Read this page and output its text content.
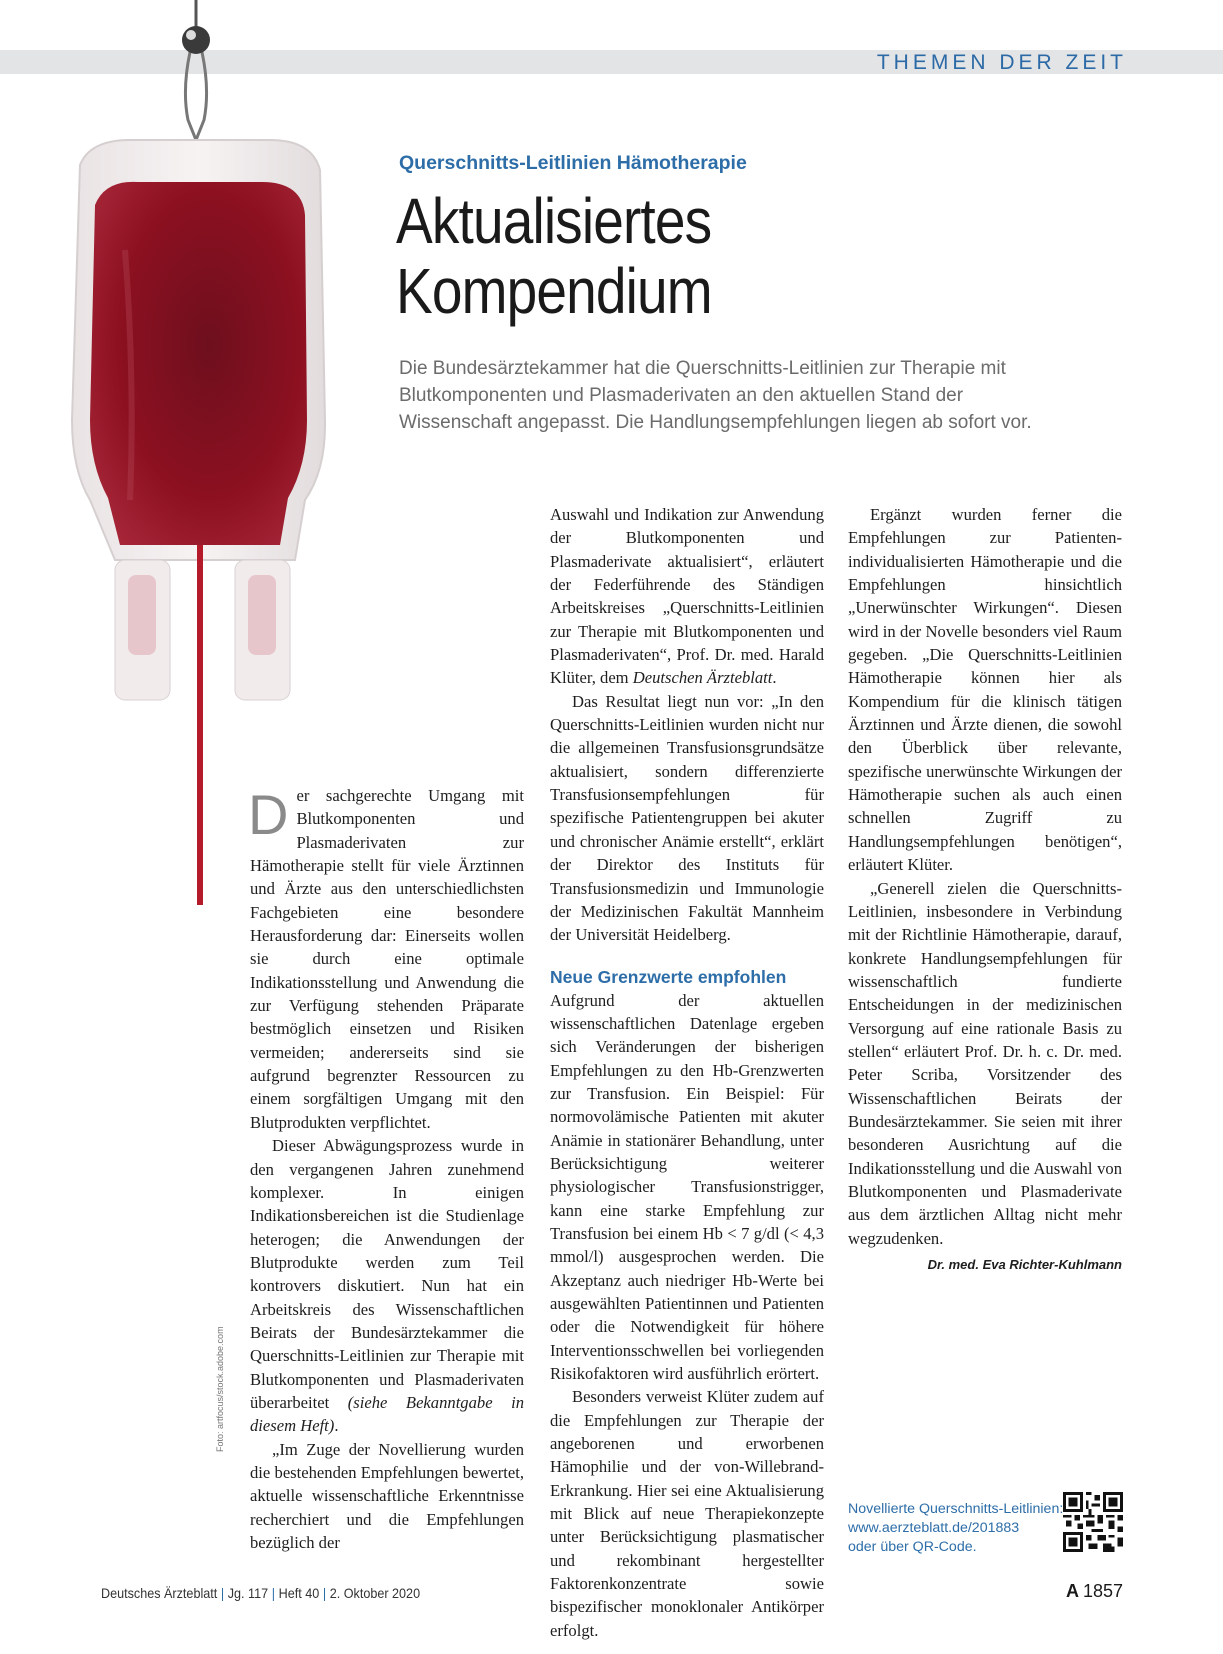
THEMEN DER ZEIT
Querschnitts-Leitlinien Hämotherapie
Aktualisiertes
Kompendium

Die Bundesärztekammer hat die Querschnitts-Leitlinien zur Therapie mit Blutkomponenten und Plasmaderivaten an den aktuellen Stand der Wissenschaft angepasst. Die Handlungsempfehlungen liegen ab sofort vor.

Der sachgerechte Umgang mit Blutkomponenten und Plasmaderivaten zur Hämotherapie stellt für viele Ärztinnen und Ärzte aus den unterschiedlichsten Fachgebieten eine besondere Herausforderung dar: Einerseits wollen sie durch eine optimale Indikationsstellung und Anwendung die zur Verfügung stehenden Präparate bestmöglich einsetzen und Risiken vermeiden; andererseits sind sie aufgrund begrenzter Ressourcen zu einem sorgfältigen Umgang mit den Blutprodukten verpflichtet.

Dieser Abwägungsprozess wurde in den vergangenen Jahren zunehmend komplexer. In einigen Indikationsbereichen ist die Studienlage heterogen; die Anwendungen der Blutprodukte werden zum Teil kontrovers diskutiert. Nun hat ein Arbeitskreis des Wissenschaftlichen Beirats der Bundesärztekammer die Querschnitts-Leitlinien zur Therapie mit Blutkomponenten und Plasmaderivaten überarbeitet (siehe Bekanntgabe in diesem Heft).

„Im Zuge der Novellierung wurden die bestehenden Empfehlungen bewertet, aktuelle wissenschaftliche Erkenntnisse recherchiert und die Empfehlungen bezüglich der

Auswahl und Indikation zur Anwendung der Blutkomponenten und Plasmaderivate aktualisiert“, erläutert der Federführende des Ständigen Arbeitskreises „Querschnitts-Leitlinien zur Therapie mit Blutkomponenten und Plasmaderivaten“, Prof. Dr. med. Harald Klüter, dem Deutschen Ärzteblatt.

Das Resultat liegt nun vor: „In den Querschnitts-Leitlinien wurden nicht nur die allgemeinen Transfusionsgrundsätze aktualisiert, sondern differenzierte Transfusionsempfehlungen für spezifische Patientengruppen bei akuter und chronischer Anämie erstellt“, erklärt der Direktor des Instituts für Transfusionsmedizin und Immunologie der Medizinischen Fakultät Mannheim der Universität Heidelberg.

Neue Grenzwerte empfohlen

Aufgrund der aktuellen wissenschaftlichen Datenlage ergeben sich Veränderungen der bisherigen Empfehlungen zu den Hb-Grenzwerten zur Transfusion. Ein Beispiel: Für normovolämische Patienten mit akuter Anämie in stationärer Behandlung, unter Berücksichtigung weiterer physiologischer Transfusionstrigger, kann eine starke Empfehlung zur Transfusion bei einem Hb < 7 g/dl (< 4,3 mmol/l) ausgesprochen werden. Die Akzeptanz auch niedriger Hb-Werte bei ausgewählten Patientinnen und Patienten oder die Notwendigkeit für höhere Interventionsschwellen bei vorliegenden Risikofaktoren wird ausführlich erörtert.

Besonders verweist Klüter zudem auf die Empfehlungen zur Therapie der angeborenen und erworbenen Hämophilie und der von-Willebrand-Erkrankung. Hier sei eine Aktualisierung mit Blick auf neue Therapiekonzepte unter Berücksichtigung plasmatischer und rekombinant hergestellter Faktorenkonzentrate sowie bispezifischer monoklonaler Antikörper erfolgt.

Ergänzt wurden ferner die Empfehlungen zur Patienten-individualisierten Hämotherapie und die Empfehlungen hinsichtlich „Unerwünschter Wirkungen“. Diesen wird in der Novelle besonders viel Raum gegeben. „Die Querschnitts-Leitlinien Hämotherapie können hier als Kompendium für die klinisch tätigen Ärztinnen und Ärzte dienen, die sowohl den Überblick über relevante, spezifische unerwünschte Wirkungen der Hämotherapie suchen als auch einen schnellen Zugriff zu Handlungsempfehlungen benötigen“, erläutert Klüter.

„Generell zielen die Querschnitts-Leitlinien, insbesondere in Verbindung mit der Richtlinie Hämotherapie, darauf, konkrete Handlungsempfehlungen für wissenschaftlich fundierte Entscheidungen in der medizinischen Versorgung auf eine rationale Basis zu stellen“ erläutert Prof. Dr. h. c. Dr. med. Peter Scriba, Vorsitzender des Wissenschaftlichen Beirats der Bundesärztekammer. Sie seien mit ihrer besonderen Ausrichtung auf die Indikationsstellung und die Auswahl von Blutkomponenten und Plasmaderivate aus dem ärztlichen Alltag nicht mehr wegzudenken.
Dr. med. Eva Richter-Kuhlmann

Foto: artfocus/stock.adobe.com
Novellierte Querschnitts-Leitlinien:
www.aerzteblatt.de/201883
oder über QR-Code.
Deutsches Ärzteblatt | Jg. 117 | Heft 40 | 2. Oktober 2020	A 1857
